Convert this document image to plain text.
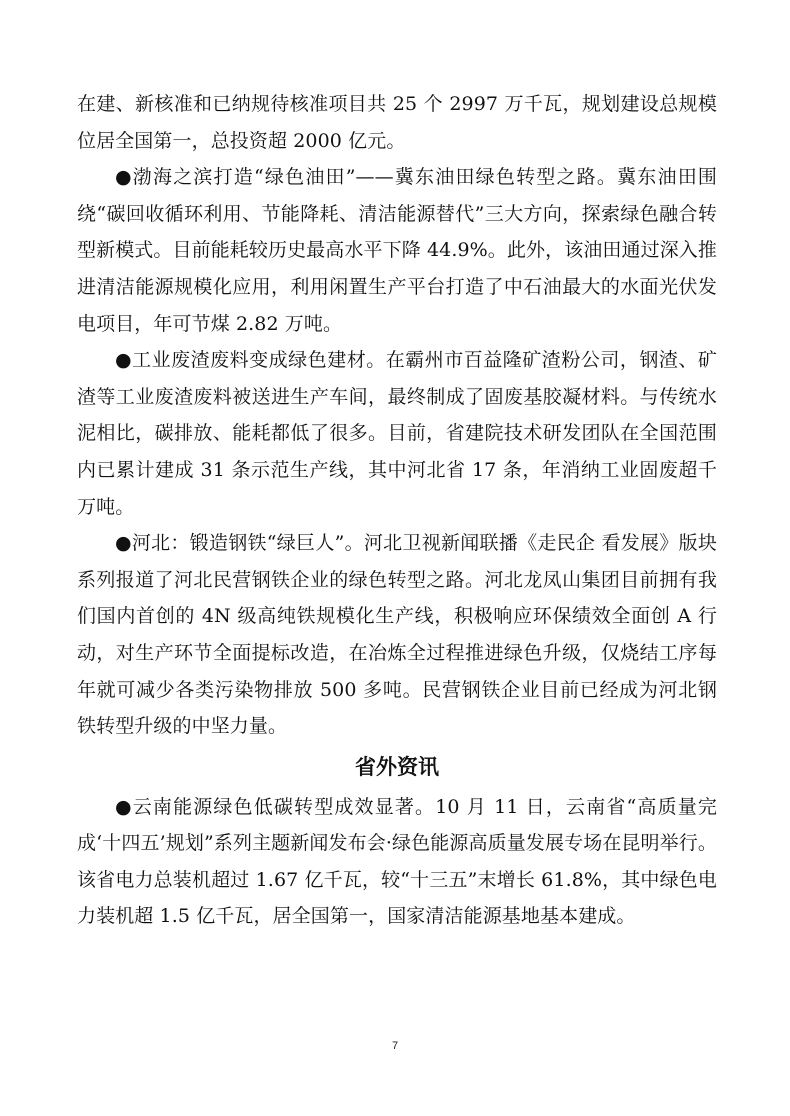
在建、新核准和已纳规待核准项目共 25 个 2997 万千瓦，规划建设总规模位居全国第一，总投资超 2000 亿元。

●渤海之滨打造“绿色油田”——冀东油田绿色转型之路。冀东油田围绕“碳回收循环利用、节能降耗、清洁能源替代”三大方向，探索绿色融合转型新模式。目前能耗较历史最高水平下降 44.9%。此外，该油田通过深入推进清洁能源规模化应用，利用闲置生产平台打造了中石油最大的水面光伏发电项目，年可节煤 2.82 万吨。

●工业废渣废料变成绿色建材。在霸州市百益隆矿渣粉公司，钢渣、矿渣等工业废渣废料被送进生产车间，最终制成了固废基胶凝材料。与传统水泥相比，碳排放、能耗都低了很多。目前，省建院技术研发团队在全国范围内已累计建成 31 条示范生产线，其中河北省 17 条，年消纳工业固废超千万吨。

●河北：锻造钢铁“绿巨人”。河北卫视新闻联播《走民企 看发展》版块系列报道了河北民营钢铁企业的绿色转型之路。河北龙凤山集团目前拥有我们国内首创的 4N 级高纯铁规模化生产线，积极响应环保绩效全面创 A 行动，对生产环节全面提标改造，在冶炼全过程推进绿色升级，仅烧结工序每年就可减少各类污染物排放 500 多吨。民营钢铁企业目前已经成为河北钢铁转型升级的中坚力量。

省外资讯

●云南能源绿色低碳转型成效显著。10 月 11 日，云南省“高质量完成‘十四五’规划”系列主题新闻发布会·绿色能源高质量发展专场在昆明举行。该省电力总装机超过 1.67 亿千瓦，较“十三五”末增长 61.8%，其中绿色电力装机超 1.5 亿千瓦，居全国第一，国家清洁能源基地基本建成。

7
